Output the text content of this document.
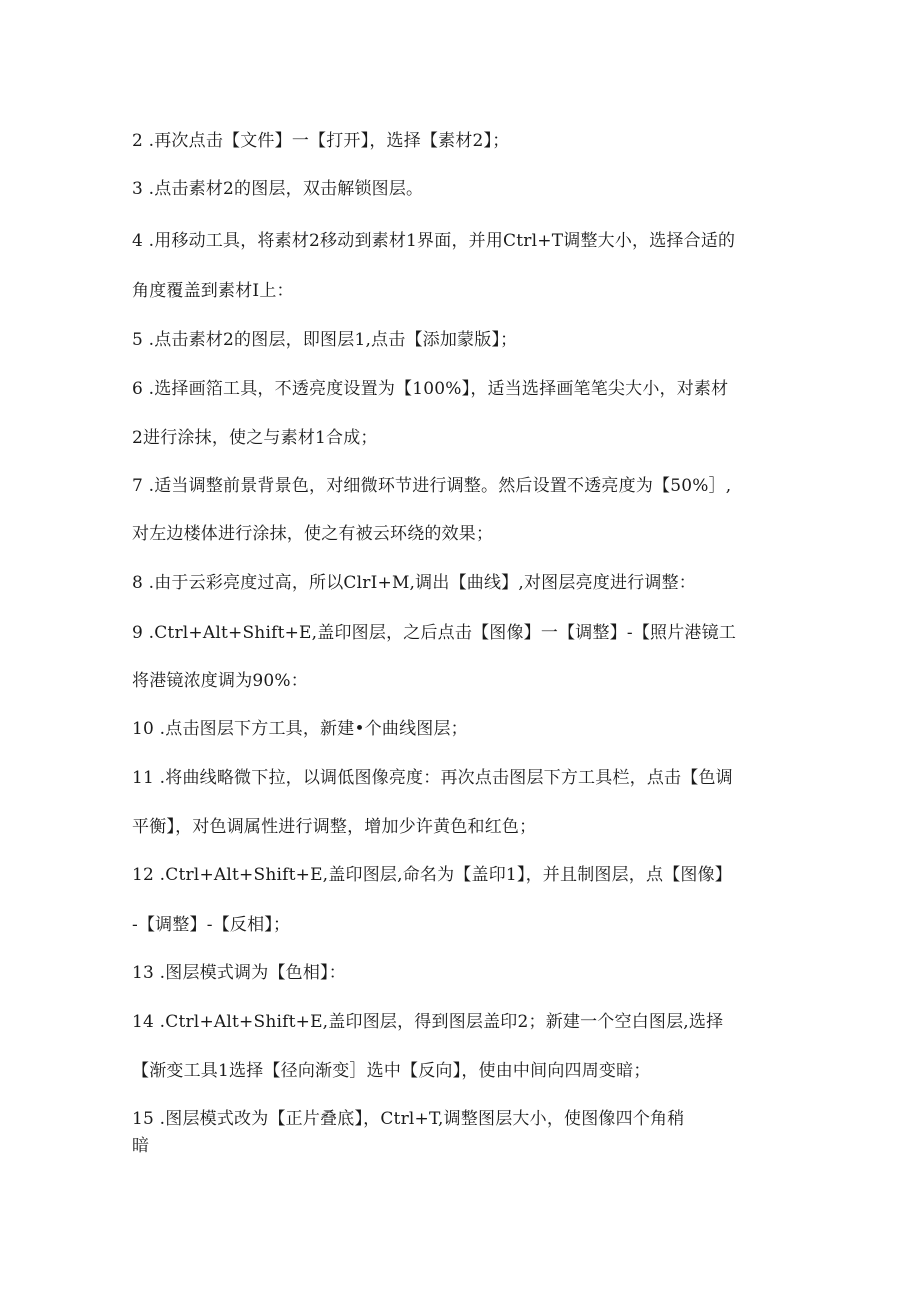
2 .再次点击【文件】一【打开】，选择【素材2】；
3 .点击素材2的图层，双击解锁图层。
4 .用移动工具，将素材2移动到素材1界面，并用Ctrl+T调整大小，选择合适的
角度覆盖到素材I上：
5 .点击素材2的图层，即图层1,点击【添加蒙版】；
6 .选择画箔工具，不透亮度设置为【100%】，适当选择画笔笔尖大小，对素材
2进行涂抹，使之与素材1合成；
7 .适当调整前景背景色，对细微环节进行调整。然后设置不透亮度为【50%］,
对左边楼体进行涂抹，使之有被云环绕的效果；
8 .由于云彩亮度过高，所以ClrI+M,调出【曲线】,对图层亮度进行调整：
9 .Ctrl+Alt+Shift+E,盖印图层，之后点击【图像】一【调整】-【照片港镜工
将港镜浓度调为90%：
10 .点击图层下方工具，新建•个曲线图层；
11 .将曲线略微下拉，以调低图像亮度：再次点击图层下方工具栏，点击【色调
平衡】，对色调属性进行调整，增加少许黄色和红色；
12 .Ctrl+Alt+Shift+E,盖印图层,命名为【盖印1】，并且制图层，点【图像】
-【调整】-【反相】；
13 .图层模式调为【色相】：
14 .Ctrl+Alt+Shift+E,盖印图层，得到图层盖印2；新建一个空白图层,选择
【渐变工具1选择【径向渐变］选中【反向】，使由中间向四周变暗；
15 .图层模式改为【正片叠底】，Ctrl+T,调整图层大小，使图像四个角稍
暗
